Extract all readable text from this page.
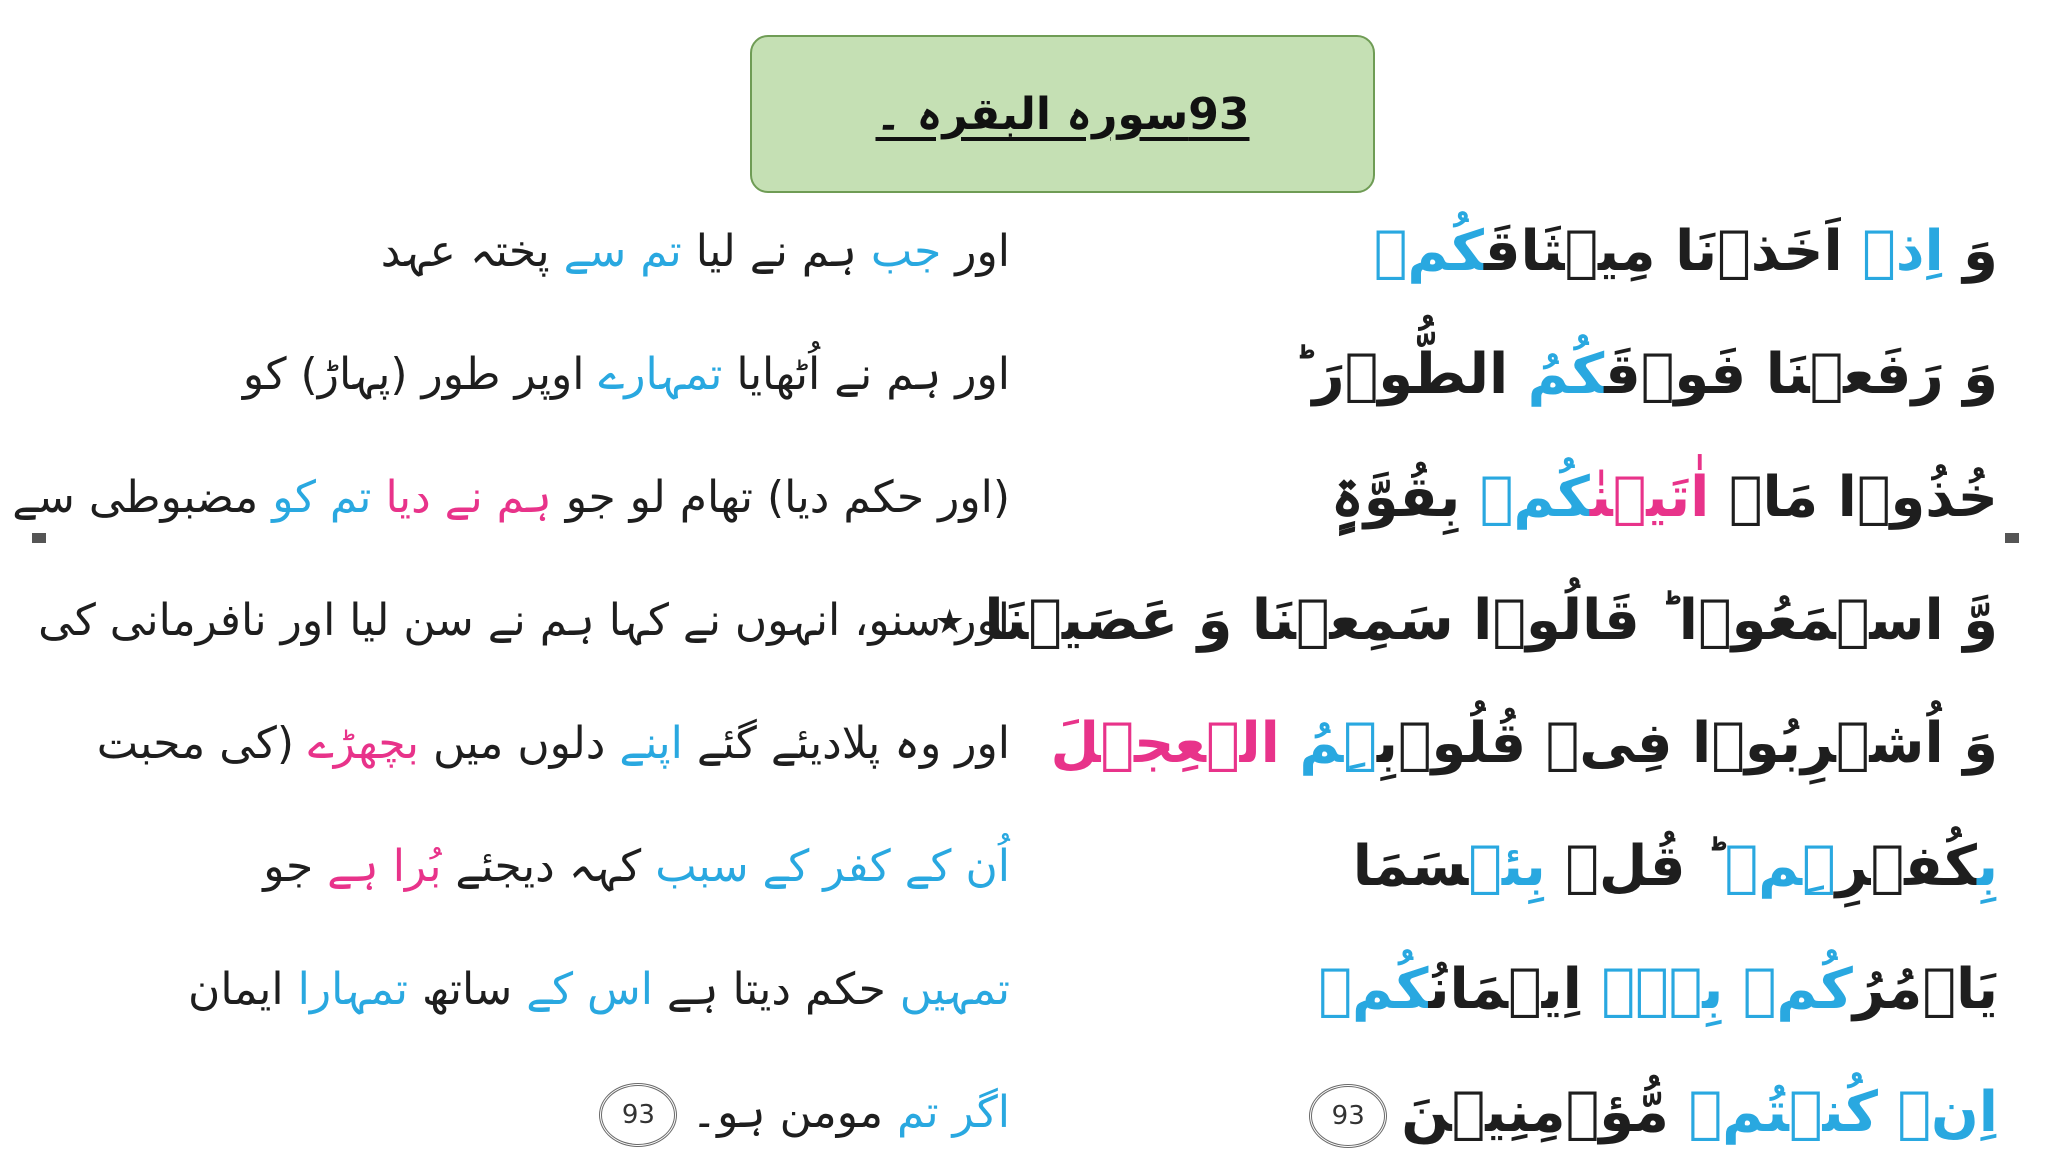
93سورہ البقرہ ۔
وَ اِذۡ اَخَذۡنَا مِیۡثَاقَکُمۡ
وَ رَفَعۡنَا فَوۡقَکُمُ الطُّوۡرَ ؕ
خُذُوۡا مَاۤ اٰتَیۡنٰکُمۡ بِقُوَّۃٍ
وَّ اسۡمَعُوۡا ؕ قَالُوۡا سَمِعۡنَا وَ عَصَیۡنَا ٭
وَ اُشۡرِبُوۡا فِیۡ قُلُوۡبِہِمُ الۡعِجۡلَ
بِکُفۡرِہِمۡ ؕ قُلۡ بِئۡسَمَا
یَاۡمُرُکُمۡ بِہٖۤ اِیۡمَانُکُمۡ
اِنۡ کُنۡتُمۡ مُّؤۡمِنِیۡنَ93
اور جب ہم نے لیا تم سے پختہ عہد
اور ہم نے اُٹھایا تمہارے اوپر طور (پہاڑ) کو
(اور حکم دیا) تھام لو جو ہم نے دیا تم کو مضبوطی سے
اور سنو، انہوں نے کہا ہم نے سن لیا اور نافرمانی کی
اور وہ پلادیئے گئے اپنے دلوں میں بچھڑے (کی محبت
اُن کے کفر کے سبب کہہ دیجئے بُرا ہے جو
تمہیں حکم دیتا ہے اس کے ساتھ تمہارا ایمان
اگر تم مومن ہو۔93
